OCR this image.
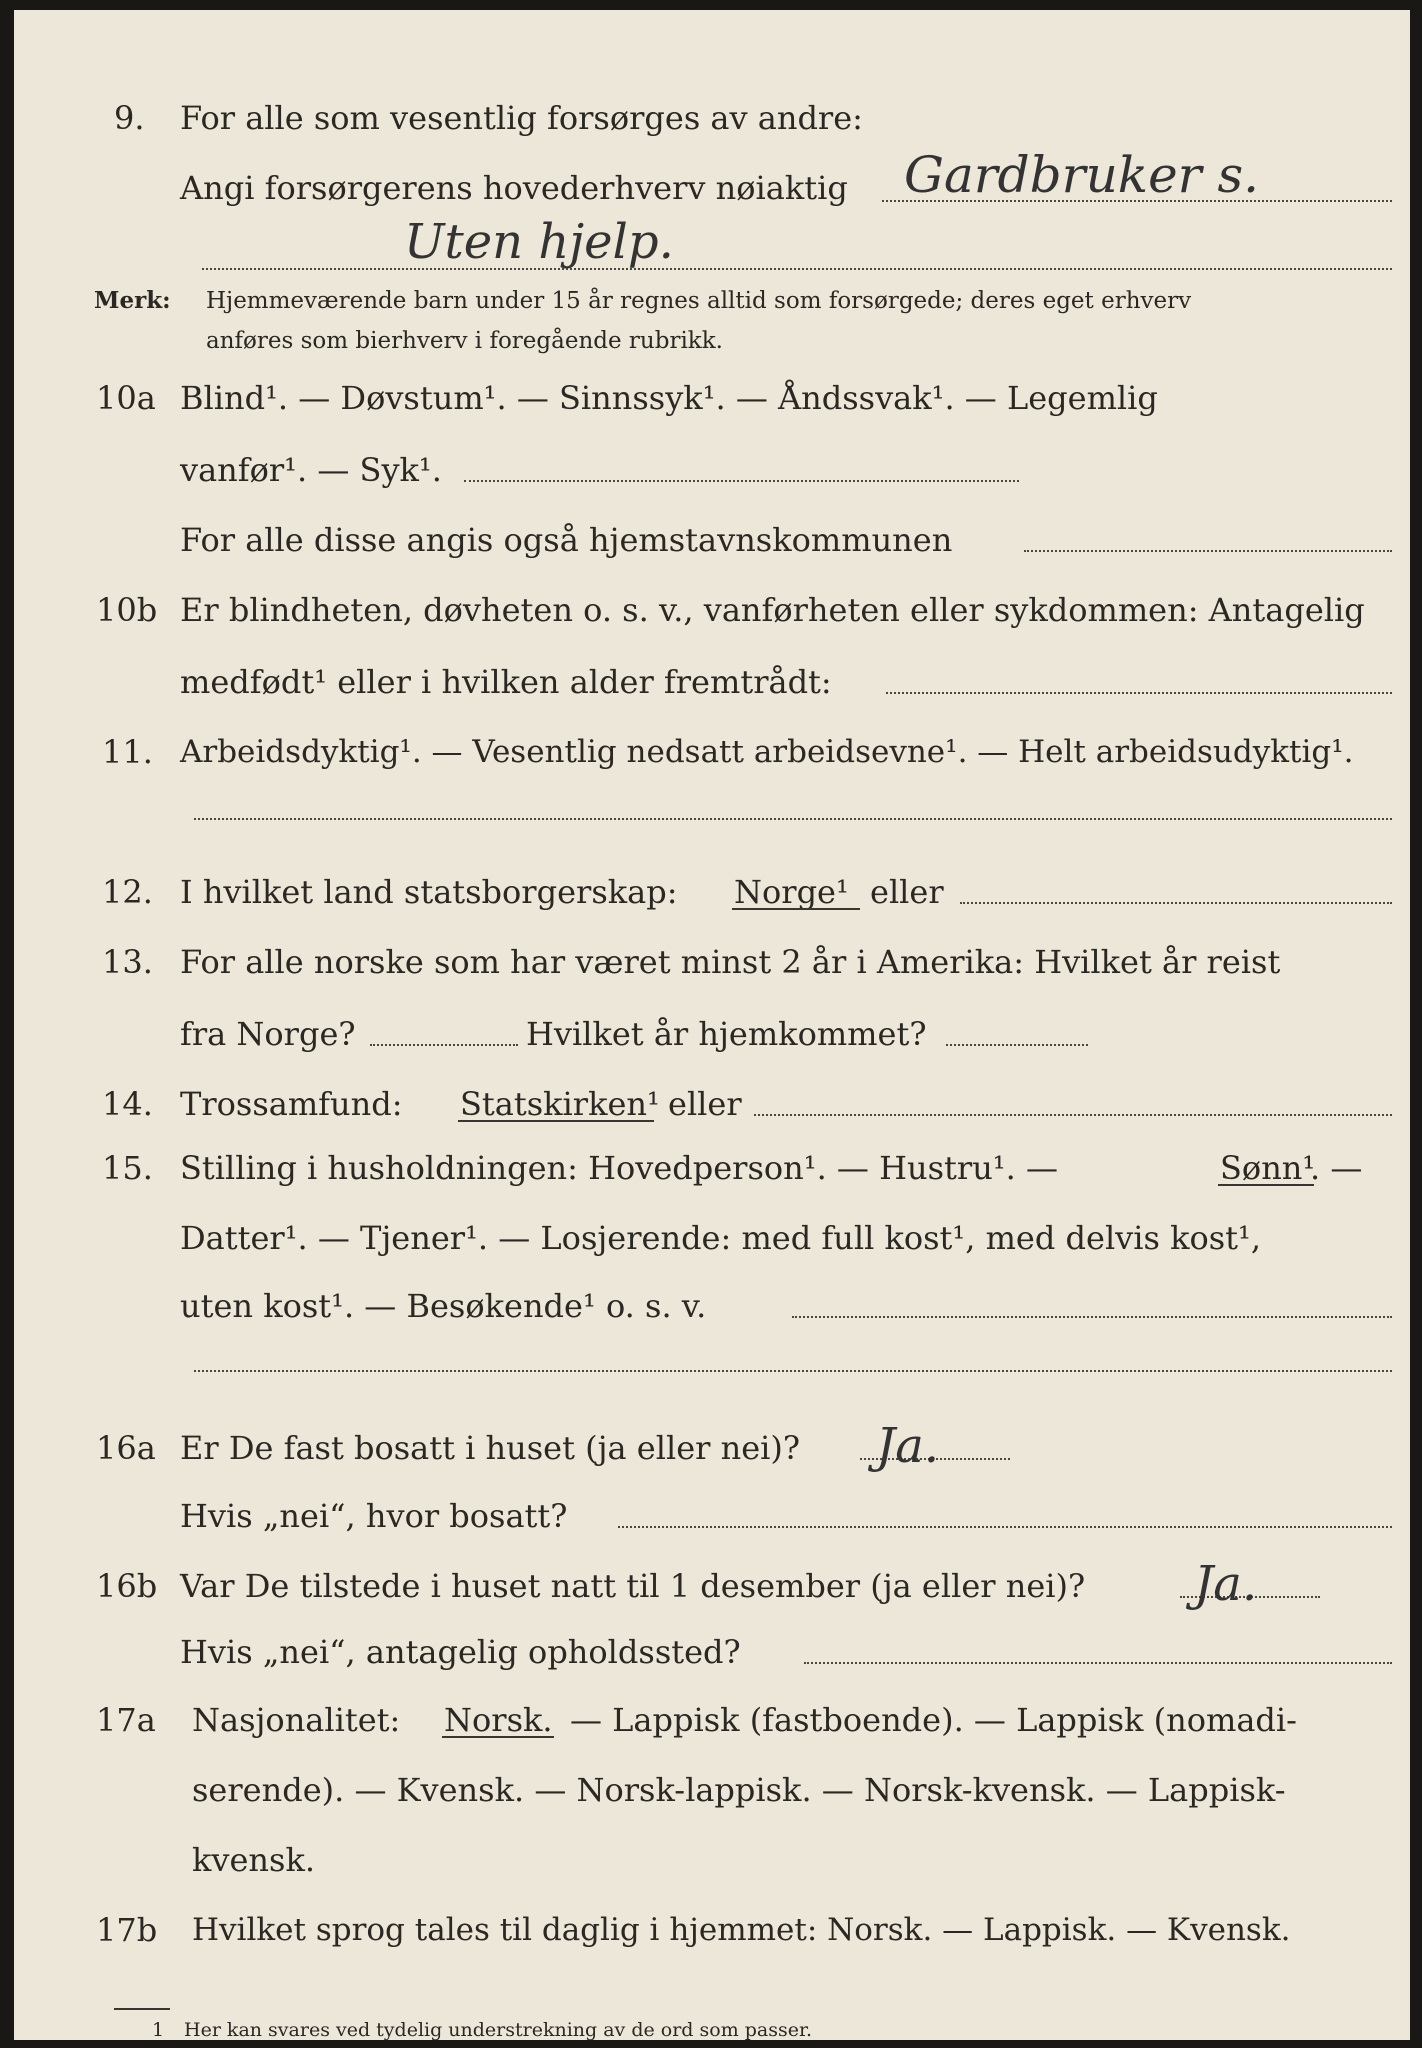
9. For alle som vesentlig forsørges av andre:
Angi forsørgerens hovederhverv nøiaktig Gardbruker s.
Uten hjelp.
Merk: Hjemmeværende barn under 15 år regnes alltid som forsørgede; deres eget erhverv
anføres som bierhverv i foregående rubrikk.
10a Blind¹. — Døvstum¹. — Sinnssyk¹. — Åndssvak¹. — Legemlig
vanfør¹. — Syk¹.
For alle disse angis også hjemstavnskommunen
10b Er blindheten, døvheten o. s. v., vanførheten eller sykdommen: Antagelig
medfødt¹ eller i hvilken alder fremtrådt:
11. Arbeidsdyktig¹. — Vesentlig nedsatt arbeidsevne¹. — Helt arbeidsudyktig¹.
12. I hvilket land statsborgerskap: Norge¹ eller
13. For alle norske som har været minst 2 år i Amerika: Hvilket år reist
fra Norge?	Hvilket år hjemkommet?
14. Trossamfund: Statskirken¹ eller
15. Stilling i husholdningen: Hovedperson¹. — Hustru¹. —	Sønn¹
. —
Datter¹. — Tjener¹. — Losjerende: med full kost¹, med delvis kost¹,
uten kost¹. — Besøkende¹ o. s. v.
16a Er De fast bosatt i huset (ja eller nei)? Ja.
Hvis „nei“, hvor bosatt?
16b Var De tilstede i huset natt til 1 desember (ja eller nei)? Ja.
Hvis „nei“, antagelig opholdssted?
17a Nasjonalitet: Norsk. — Lappisk (fastboende). — Lappisk (nomadi-
serende). — Kvensk. — Norsk-lappisk. — Norsk-kvensk. — Lappisk-
kvensk.
17b Hvilket sprog tales til daglig i hjemmet: Norsk. — Lappisk. — Kvensk.
1 Her kan svares ved tydelig understrekning av de ord som passer.
